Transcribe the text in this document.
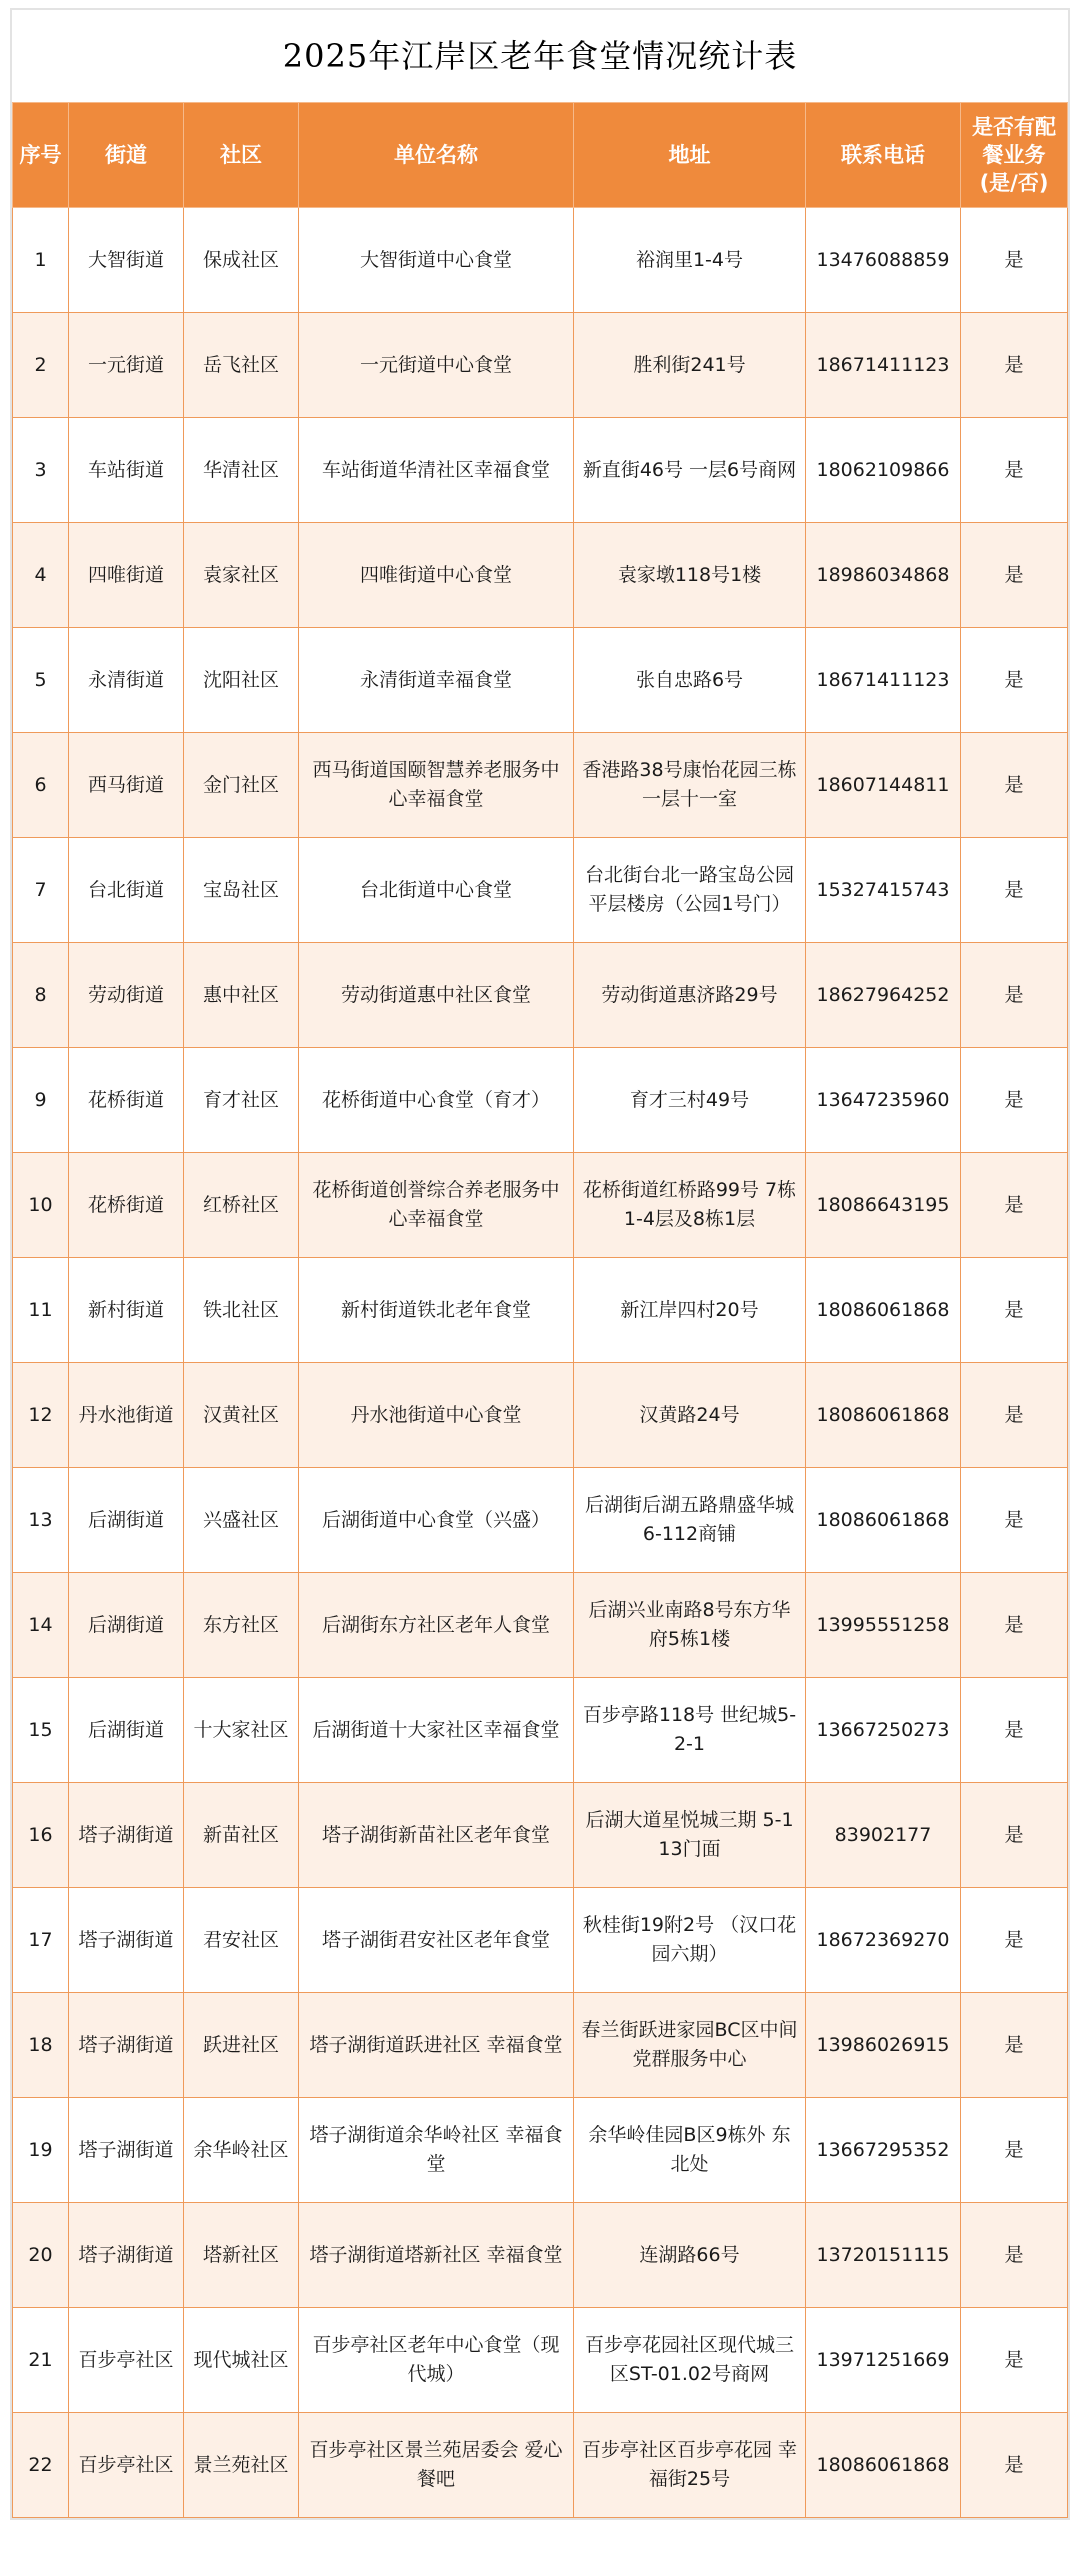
2025年江岸区老年食堂情况统计表
序号	街道	社区	单位名称	地址	联系电话	是否有配餐业务(是/否)
1	大智街道	保成社区	大智街道中心食堂	裕润里1-4号	13476088859	是
2	一元街道	岳飞社区	一元街道中心食堂	胜利街241号	18671411123	是
3	车站街道	华清社区	车站街道华清社区幸福食堂	新直街46号 一层6号商网	18062109866	是
4	四唯街道	袁家社区	四唯街道中心食堂	袁家墩118号1楼	18986034868	是
5	永清街道	沈阳社区	永清街道幸福食堂	张自忠路6号	18671411123	是
6	西马街道	金门社区	西马街道国颐智慧养老服务中心幸福食堂	香港路38号康怡花园三栋一层十一室	18607144811	是
7	台北街道	宝岛社区	台北街道中心食堂	台北街台北一路宝岛公园平层楼房（公园1号门）	15327415743	是
8	劳动街道	惠中社区	劳动街道惠中社区食堂	劳动街道惠济路29号	18627964252	是
9	花桥街道	育才社区	花桥街道中心食堂（育才）	育才三村49号	13647235960	是
10	花桥街道	红桥社区	花桥街道创誉综合养老服务中心幸福食堂	花桥街道红桥路99号 7栋1-4层及8栋1层	18086643195	是
11	新村街道	铁北社区	新村街道铁北老年食堂	新江岸四村20号	18086061868	是
12	丹水池街道	汉黄社区	丹水池街道中心食堂	汉黄路24号	18086061868	是
13	后湖街道	兴盛社区	后湖街道中心食堂（兴盛）	后湖街后湖五路鼎盛华城6-112商铺	18086061868	是
14	后湖街道	东方社区	后湖街东方社区老年人食堂	后湖兴业南路8号东方华府5栋1楼	13995551258	是
15	后湖街道	十大家社区	后湖街道十大家社区幸福食堂	百步亭路118号 世纪城5-2-1	13667250273	是
16	塔子湖街道	新苗社区	塔子湖街新苗社区老年食堂	后湖大道星悦城三期 5-113门面	83902177	是
17	塔子湖街道	君安社区	塔子湖街君安社区老年食堂	秋桂街19附2号 （汉口花园六期）	18672369270	是
18	塔子湖街道	跃进社区	塔子湖街道跃进社区 幸福食堂	春兰街跃进家园BC区中间党群服务中心	13986026915	是
19	塔子湖街道	余华岭社区	塔子湖街道余华岭社区 幸福食堂	余华岭佳园B区9栋外 东北处	13667295352	是
20	塔子湖街道	塔新社区	塔子湖街道塔新社区 幸福食堂	连湖路66号	13720151115	是
21	百步亭社区	现代城社区	百步亭社区老年中心食堂（现代城）	百步亭花园社区现代城三区ST-01.02号商网	13971251669	是
22	百步亭社区	景兰苑社区	百步亭社区景兰苑居委会 爱心餐吧	百步亭社区百步亭花园 幸福街25号	18086061868	是
